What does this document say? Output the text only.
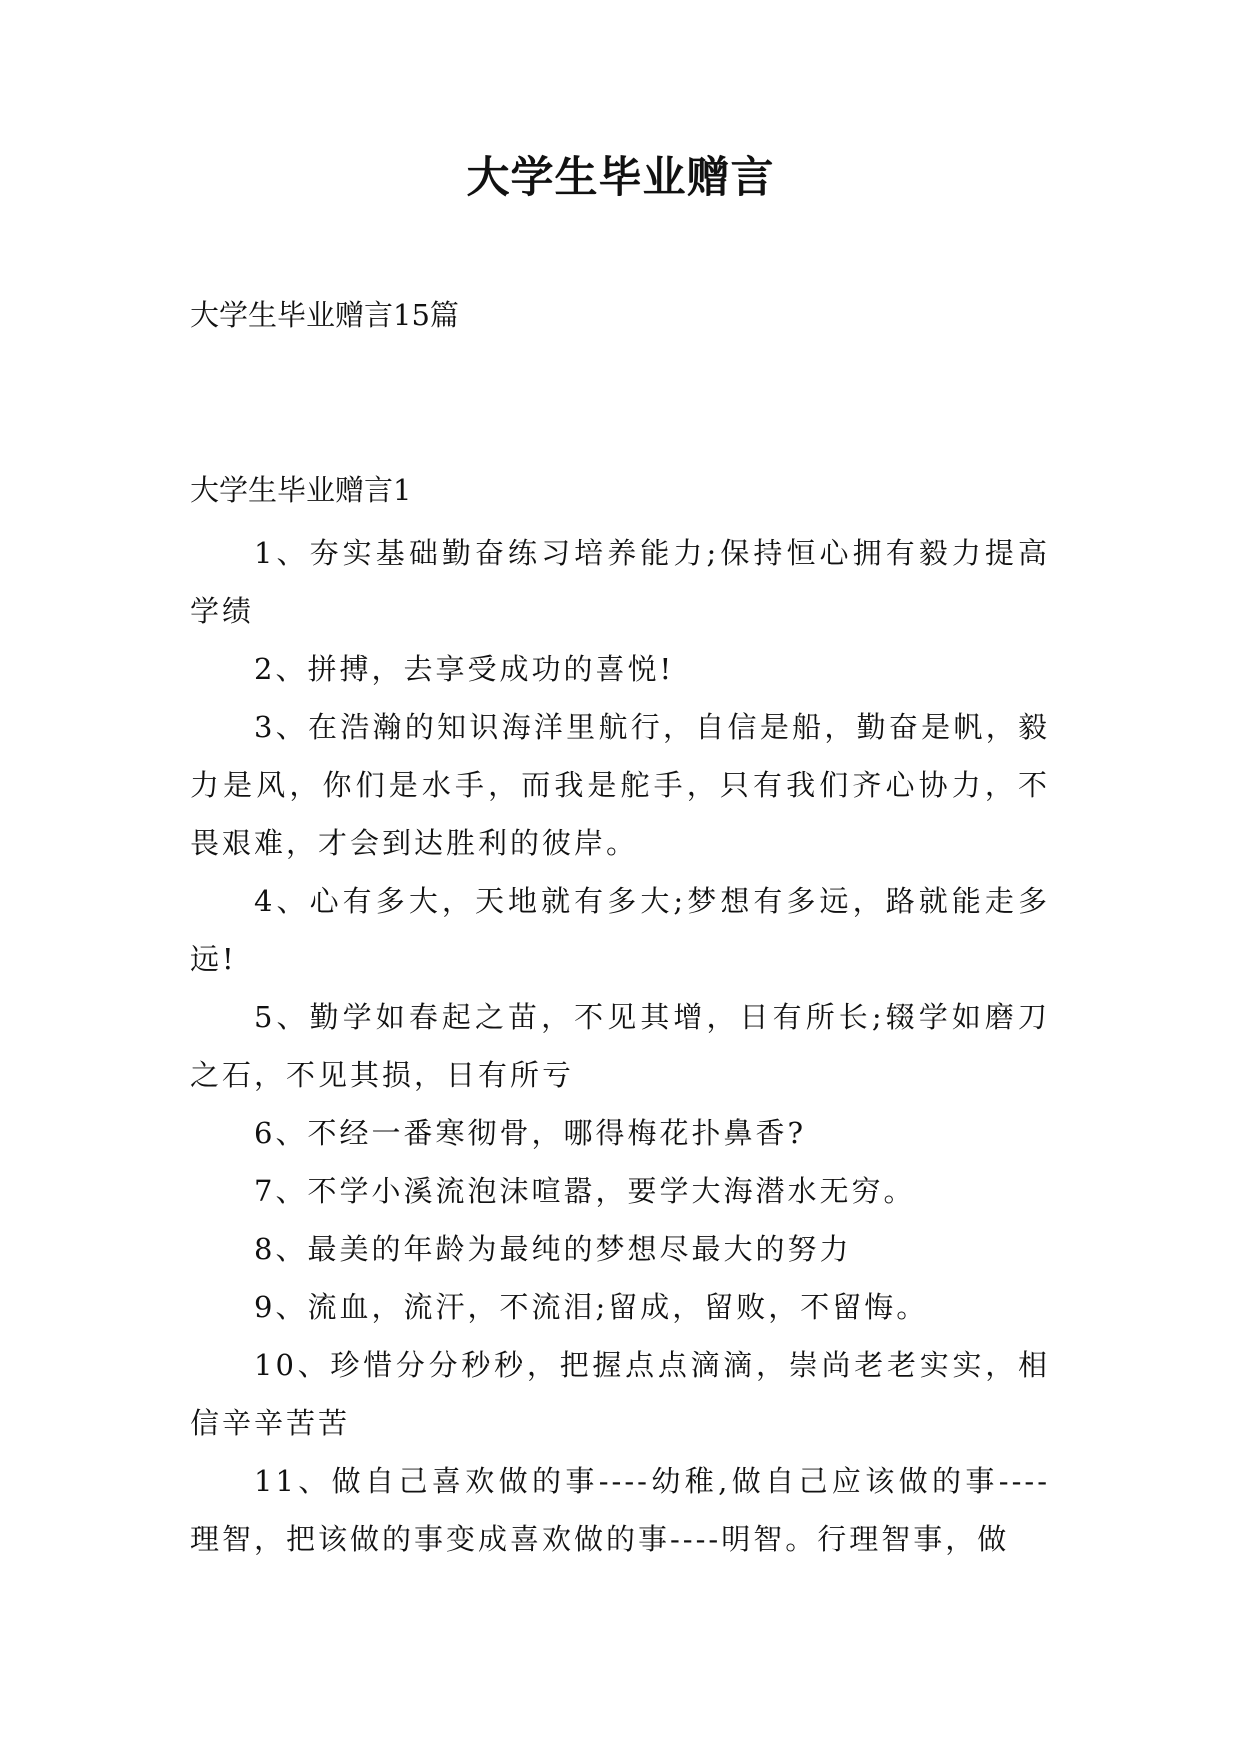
大学生毕业赠言

大学生毕业赠言15篇

大学生毕业赠言1

1、夯实基础勤奋练习培养能力;保持恒心拥有毅力提高学绩

2、拼搏，去享受成功的喜悦!

3、在浩瀚的知识海洋里航行，自信是船，勤奋是帆，毅力是风，你们是水手，而我是舵手，只有我们齐心协力，不畏艰难，才会到达胜利的彼岸。

4、心有多大，天地就有多大;梦想有多远，路就能走多远!

5、勤学如春起之苗，不见其增，日有所长;辍学如磨刀之石，不见其损，日有所亏

6、不经一番寒彻骨，哪得梅花扑鼻香?

7、不学小溪流泡沫喧嚣，要学大海潜水无穷。

8、最美的年龄为最纯的梦想尽最大的努力

9、流血，流汗，不流泪;留成，留败，不留悔。

10、珍惜分分秒秒，把握点点滴滴，崇尚老老实实，相信辛辛苦苦

11、做自己喜欢做的事----幼稚,做自己应该做的事----理智，把该做的事变成喜欢做的事----明智。行理智事，做
